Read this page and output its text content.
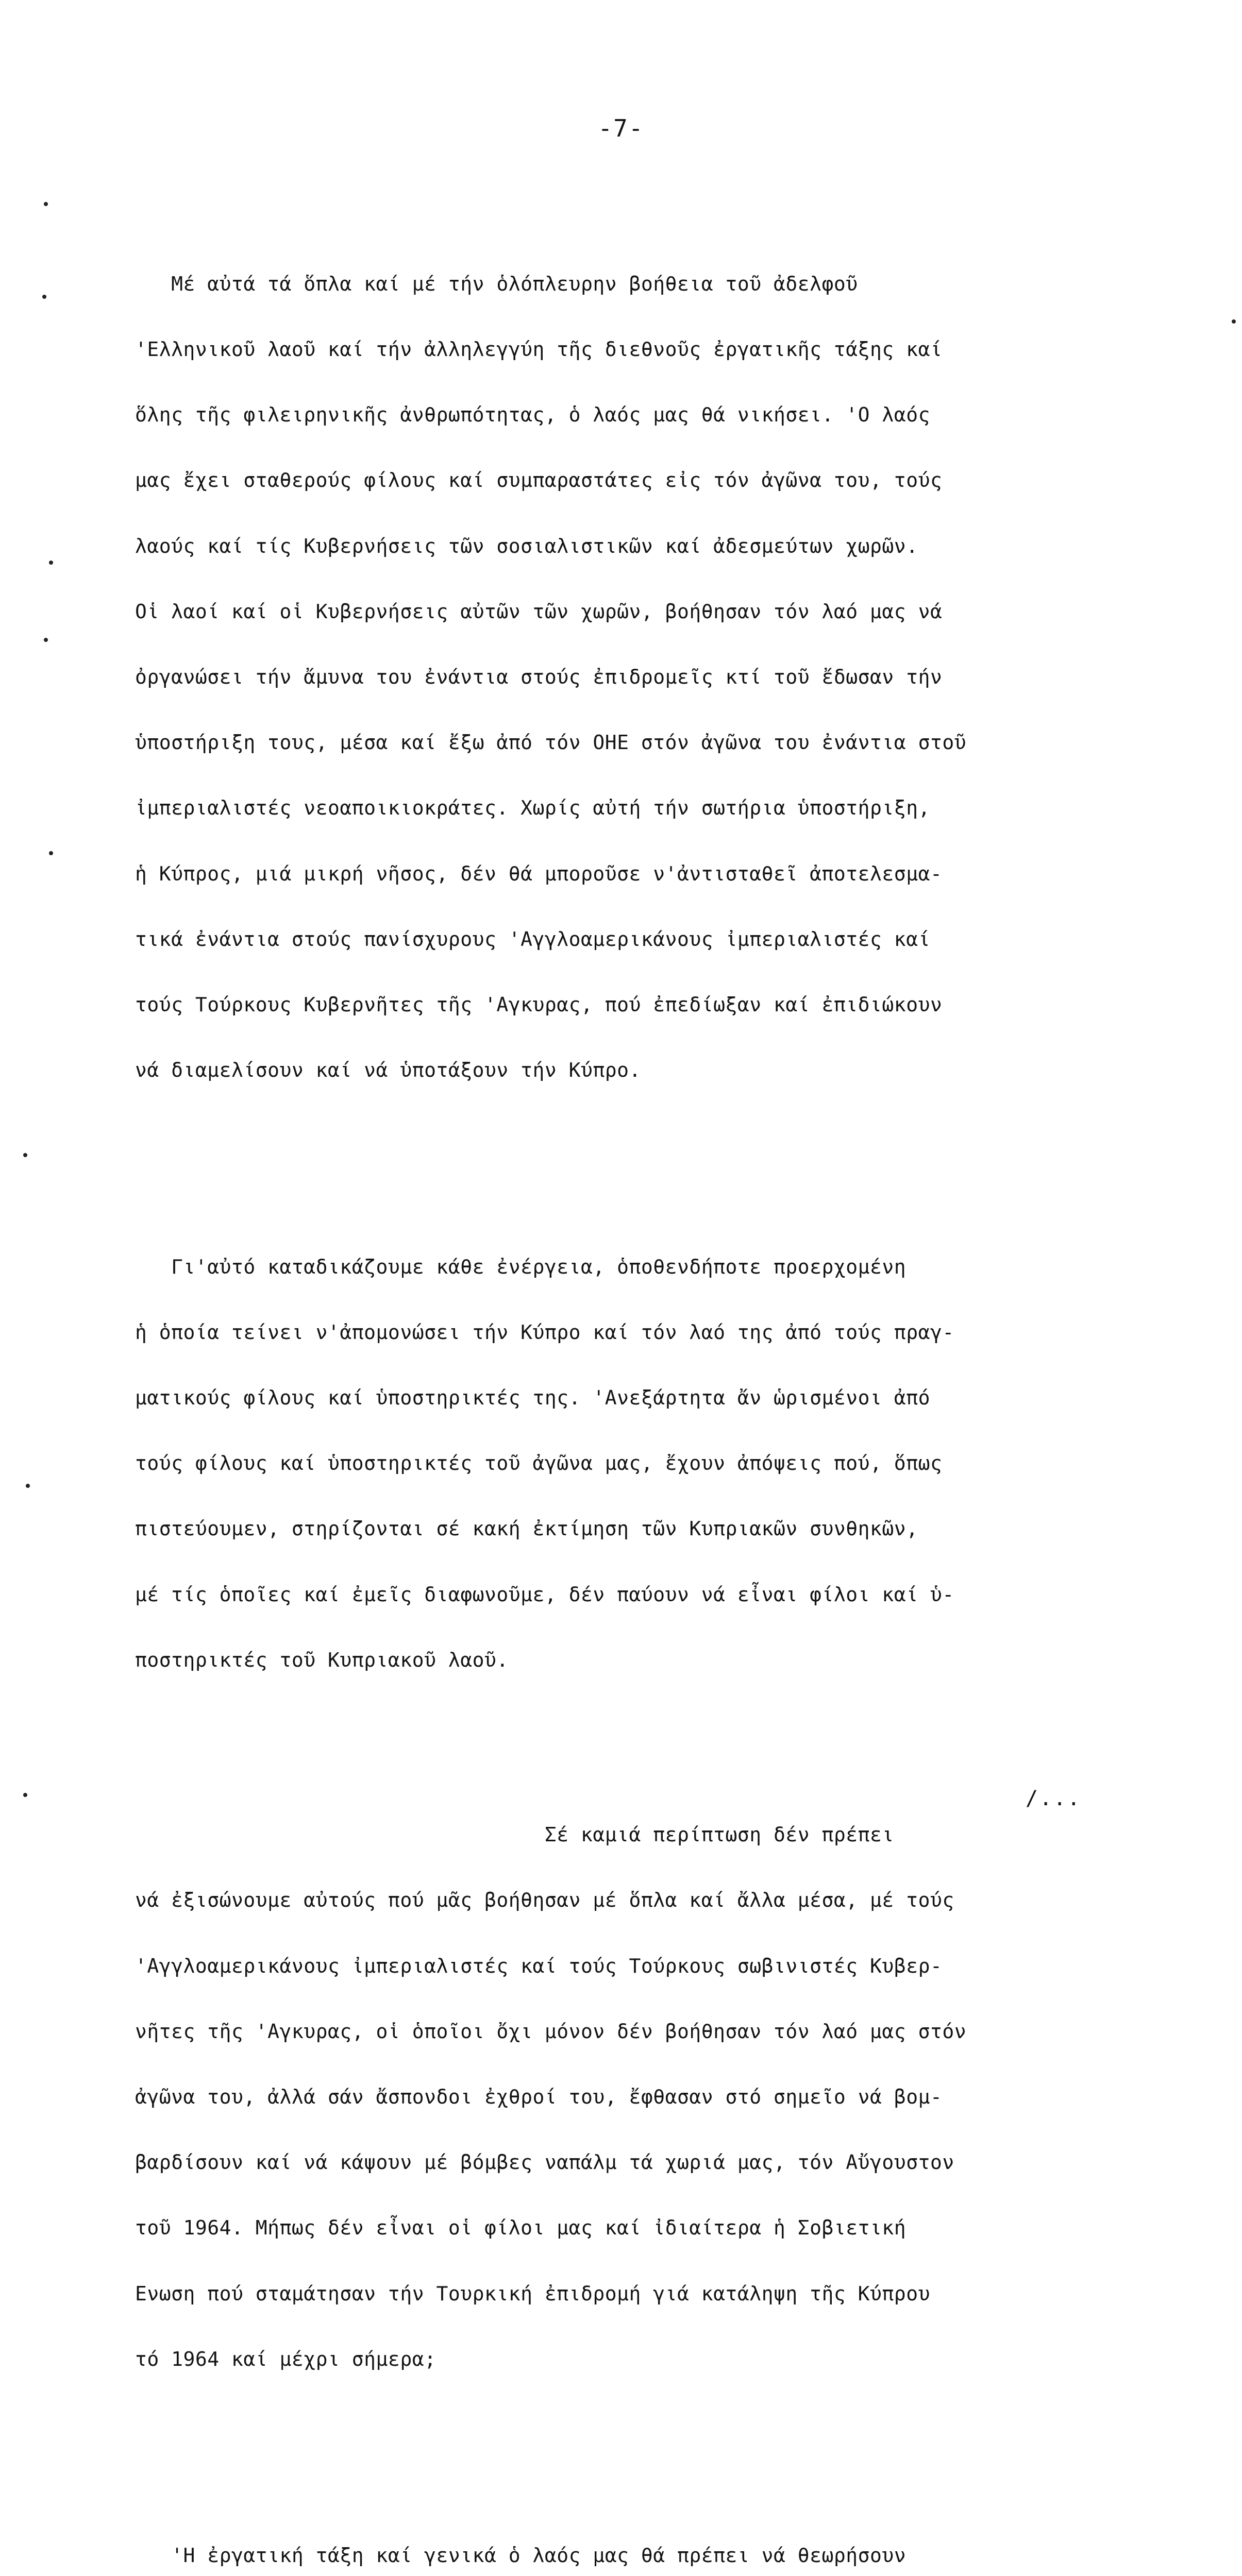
-7-

Μέ αὐτά τά ὅπλα καί μέ τήν ὁλόπλευρην βοήθεια τοῦ ἀδελφοῦ

'Ελληνικοῦ λαοῦ καί τήν ἀλληλεγγύη τῆς διεθνοῦς ἐργατικῆς τάξης καί

ὅλης τῆς φιλειρηνικῆς ἀνθρωπότητας, ὁ λαός μας θά νικήσει. 'Ο λαός

μας ἔχει σταθερούς φίλους καί συμπαραστάτες εἰς τόν ἀγῶνα του, τούς

λαούς καί τίς Κυβερνήσεις τῶν σοσιαλιστικῶν καί ἀδεσμεύτων χωρῶν.

Οἱ λαοί καί οἱ Κυβερνήσεις αὐτῶν τῶν χωρῶν, βοήθησαν τόν λαό μας νά

ὀργανώσει τήν ἄμυνα του ἐνάντια στούς ἐπιδρομεῖς κτί τοῦ ἔδωσαν τήν

ὑποστήριξη τους, μέσα καί ἔξω ἀπό τόν ΟΗΕ στόν ἀγῶνα του ἐνάντια στοῦ

ἰμπεριαλιστές νεοαποικιοκράτες. Χωρίς αὐτή τήν σωτήρια ὑποστήριξη,

ἡ Κύπρος, μιά μικρή νῆσος, δέν θά μποροῦσε ν'ἀντισταθεῖ ἀποτελεσμα-

τικά ἐνάντια στούς πανίσχυρους 'Αγγλοαμερικάνους ἰμπεριαλιστές καί

τούς Τούρκους Κυβερνῆτες τῆς 'Αγκυρας, πού ἐπεδίωξαν καί ἐπιδιώκουν

νά διαμελίσουν καί νά ὑποτάξουν τήν Κύπρο.

Γι'αὐτό καταδικάζουμε κάθε ἐνέργεια, ὁποθενδήποτε προερχομένη

ἡ ὁποία τείνει ν'ἀπομονώσει τήν Κύπρο καί τόν λαό της ἀπό τούς πραγ-

ματικούς φίλους καί ὑποστηρικτές της. 'Ανεξάρτητα ἄν ὡρισμένοι ἀπό

τούς φίλους καί ὑποστηρικτές τοῦ ἀγῶνα μας, ἔχουν ἀπόψεις πού, ὅπως

πιστεύουμεν, στηρίζονται σέ κακή ἐκτίμηση τῶν Κυπριακῶν συνθηκῶν,

μέ τίς ὁποῖες καί ἐμεῖς διαφωνοῦμε, δέν παύουν νά εἶναι φίλοι καί ὑ-

ποστηρικτές τοῦ Κυπριακοῦ λαοῦ.

Σέ καμιά περίπτωση δέν πρέπει

νά ἐξισώνουμε αὐτούς πού μᾶς βοήθησαν μέ ὅπλα καί ἄλλα μέσα, μέ τούς

'Αγγλοαμερικάνους ἰμπεριαλιστές καί τούς Τούρκους σωβινιστές Κυβερ-

νῆτες τῆς 'Αγκυρας, οἱ ὁποῖοι ὄχι μόνον δέν βοήθησαν τόν λαό μας στόν

ἀγῶνα του, ἀλλά σάν ἄσπονδοι ἐχθροί του, ἔφθασαν στό σημεῖο νά βομ-

βαρδίσουν καί νά κάψουν μέ βόμβες ναπάλμ τά χωριά μας, τόν Αὔγουστον

τοῦ 1964. Μήπως δέν εἶναι οἱ φίλοι μας καί ἰδιαίτερα ἡ Σοβιετική

Ενωση πού σταμάτησαν τήν Τουρκική ἐπιδρομή γιά κατάληψη τῆς Κύπρου

τό 1964 καί μέχρι σήμερα;

'Η ἐργατική τάξη καί γενικά ὁ λαός μας θά πρέπει νά θεωρήσουν

/...
